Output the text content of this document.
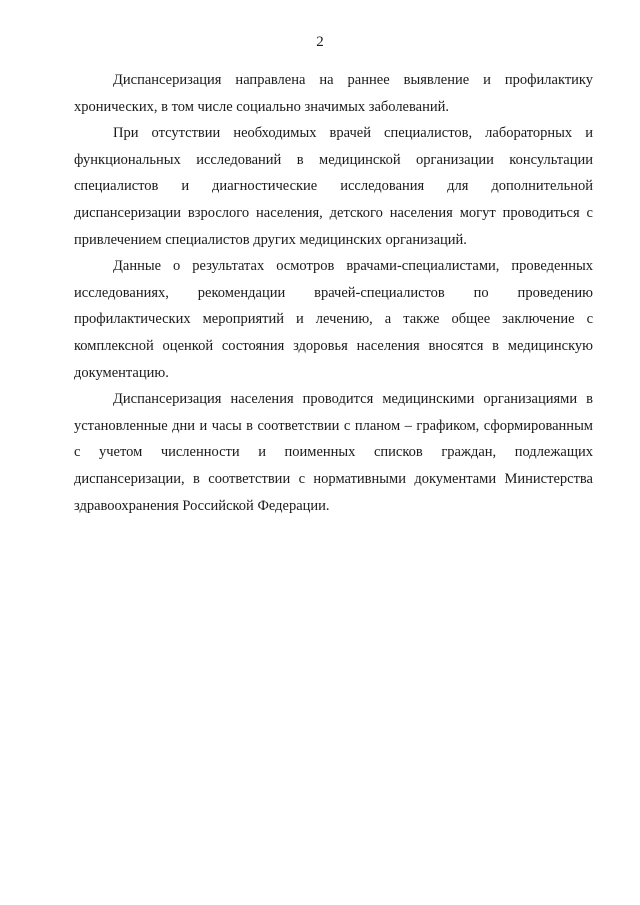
2

Диспансеризация направлена на раннее выявление и профилактику хронических, в том числе социально значимых заболеваний.

При отсутствии необходимых врачей специалистов, лабораторных и функциональных исследований в медицинской организации консультации специалистов и диагностические исследования для дополнительной диспансеризации взрослого населения, детского населения могут проводиться с привлечением специалистов других медицинских организаций.

Данные о результатах осмотров врачами-специалистами, проведенных исследованиях, рекомендации врачей-специалистов по проведению профилактических мероприятий и лечению, а также общее заключение с комплексной оценкой состояния здоровья населения вносятся в медицинскую документацию.

Диспансеризация населения проводится медицинскими организациями в установленные дни и часы в соответствии с планом – графиком, сформированным с учетом численности и поименных списков граждан, подлежащих диспансеризации, в соответствии с нормативными документами Министерства здравоохранения Российской Федерации.
